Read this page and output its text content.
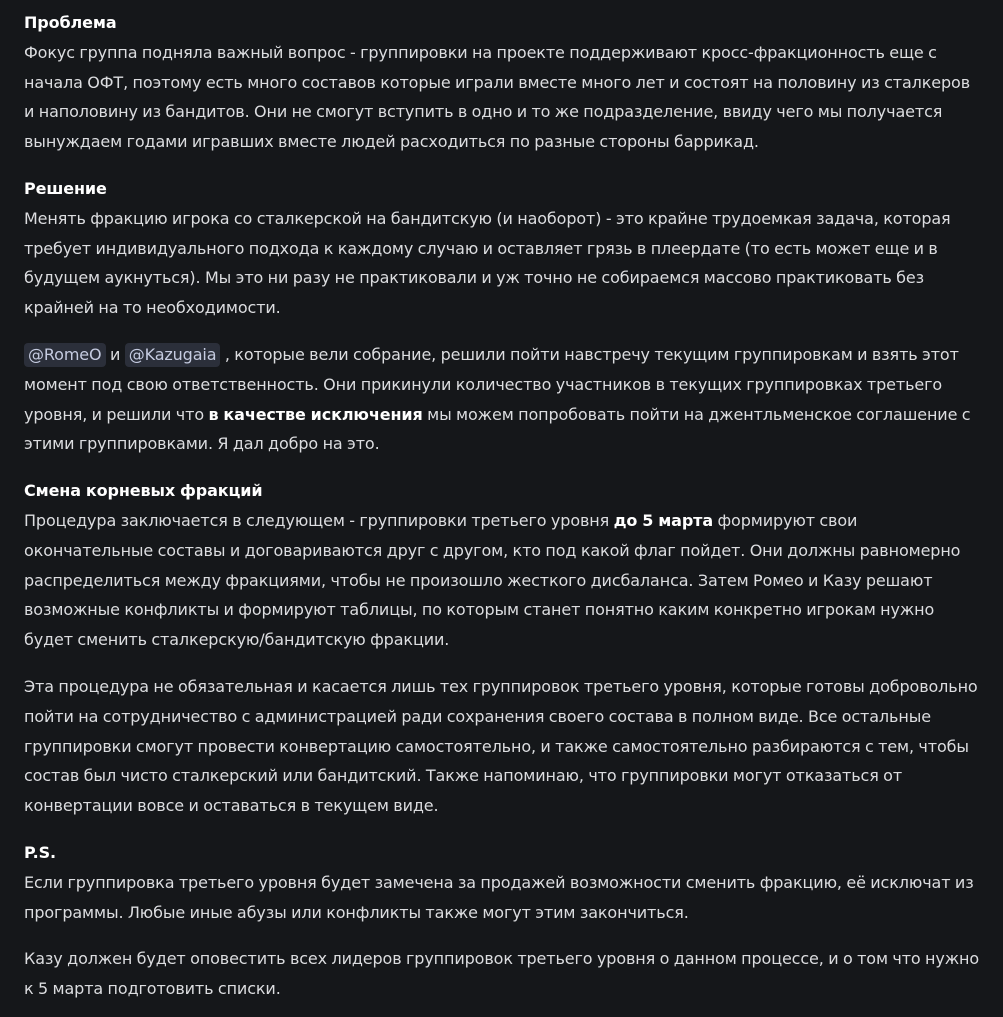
Проблема

Фокус группа подняла важный вопрос - группировки на проекте поддерживают кросс-фракционность еще с начала ОФТ, поэтому есть много составов которые играли вместе много лет и состоят на половину из сталкеров и наполовину из бандитов. Они не смогут вступить в одно и то же подразделение, ввиду чего мы получается вынуждаем годами игравших вместе людей расходиться по разные стороны баррикад.

Решение

Менять фракцию игрока со сталкерской на бандитскую (и наоборот) - это крайне трудоемкая задача, которая требует индивидуального подхода к каждому случаю и оставляет грязь в плеердате (то есть может еще и в будущем аукнуться). Мы это ни разу не практиковали и уж точно не собираемся массово практиковать без крайней на то необходимости.

@RomeO и @Kazugaia , которые вели собрание, решили пойти навстречу текущим группировкам и взять этот момент под свою ответственность. Они прикинули количество участников в текущих группировках третьего уровня, и решили что в качестве исключения мы можем попробовать пойти на джентльменское соглашение с этими группировками. Я дал добро на это.

Смена корневых фракций

Процедура заключается в следующем - группировки третьего уровня до 5 марта формируют свои окончательные составы и договариваются друг с другом, кто под какой флаг пойдет. Они должны равномерно распределиться между фракциями, чтобы не произошло жесткого дисбаланса. Затем Ромео и Казу решают возможные конфликты и формируют таблицы, по которым станет понятно каким конкретно игрокам нужно будет сменить сталкерскую/бандитскую фракции.

Эта процедура не обязательная и касается лишь тех группировок третьего уровня, которые готовы добровольно пойти на сотрудничество с администрацией ради сохранения своего состава в полном виде. Все остальные группировки смогут провести конвертацию самостоятельно, и также самостоятельно разбираются с тем, чтобы состав был чисто сталкерский или бандитский. Также напоминаю, что группировки могут отказаться от конвертации вовсе и оставаться в текущем виде.

P.S.

Если группировка третьего уровня будет замечена за продажей возможности сменить фракцию, её исключат из программы. Любые иные абузы или конфликты также могут этим закончиться.

Казу должен будет оповестить всех лидеров группировок третьего уровня о данном процессе, и о том что нужно к 5 марта подготовить списки.
